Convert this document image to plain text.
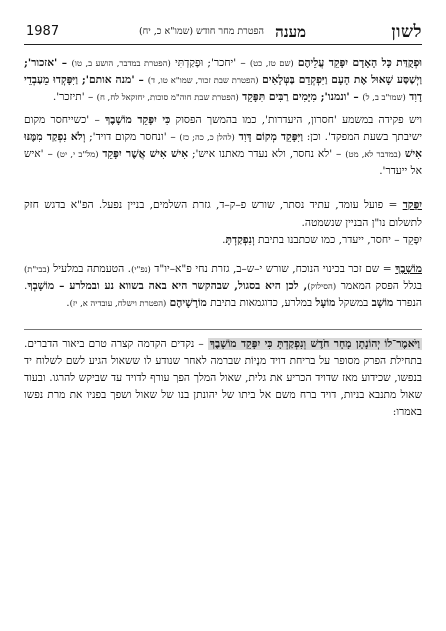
לשון
מענה
הפטרת מחר חודש (שמו"א כ, יח)
1987

וּפְקֻדַּת כָּל הָאָדָם יִפָּקֵד עֲלֵיהֶם (שם טז, כט) – 'יחכר'; וּפָקַדְתִּי (הפטרת במדבר, הושע ב, טו) – 'אזכור'; וַיְשַׁסַּע שָׁאוּל אֶת הָעָם וַיִּפְקְדֵם בַּטְּלָאִים (הפטרת שבת זכור, שמו"א טו, ד) – 'מנה אותם'; וַיִּפָּקְדוּ מֵעַבְדֵי דָוִד (שמו"ב ב, ל) – 'ונמנו'; מִיָּמִים רַבִּים תִּפָּקֵד (הפטרת שבת חוה"מ סוכות, יחזקאל לח, ח) – 'תיזכר'.

ויש פקידה במשמע 'חסרון, היעדרות', כמו בהמשך הפסוק כִּי יִפָּקֵד מוֹשָׁבֶךָ – 'כשייחסר מקום ישיבתך בשעת המפקד'. וכן: וַיִּפָּקֵד מְקוֹם דָּוִד (להלן כ, כה; כז) – 'ונחסר מקום דויד'; וְלֹא נִפְקַד מִמֶּנּוּ אִישׁ (במדבר לא, מט) – 'לא נחסר, ולא נעדר מאתנו איש'; אִישׁ אִישׁ אֲשֶׁר יִפָּקֵד (מל"ב י, יט) – 'איש אל ייעדר'.

יִפָּקֵד = פועל עומד, עתיד נסתר, שורש פ–ק–ד, גזרת השלמים, בניין נפעל. הפ"א בדגש חזק לתשלום נו"ן הבניין שנשמטה.
יִפָּקֵד – יחסר, ייעדר, כמו שכתבנו בתיבת וְנִפְקַדְתָּ.

מוֹשָׁבֶךָ = שם זכר בכינוי הנוכח, שורש י–ש–ב, גזרת נחי פ"א–יו"ד (נפ"י). הטעמתה במלעיל (בבי"ת) בגלל הפסק המאמר (הסילוק), לכן היא בסגול, שבהקשר היא באה בשווא נע ובמלרע – מוֹשָׁבְךָ. הנפרד מוֹשָׁב במשקל מוֹעָל במלרע, כדוגמאות בתיבת מוֹרָשָׁיהֶם (הפטרת וישלח, עובדיה א, יז).

וַיֹּאמֶר־לוֹ יְהוֹנָתָן מָחָר חֹדֶשׁ וְנִפְקַדְתָּ כִּי יִפָּקֵד מוֹשָׁבֶךָ – נקדים הקדמה קצרה טרם ביאור הדברים. בתחילת הפרק מסופר על בריחת דויד מנָיוֹת שברמה לאחר שנודע לו ששאול הגיע לשם לשלוח יד בנפשו, שכידוע מאז שדויד הכריע את גלית, שאול המלך הפך עורף לדויד עד שביקש להרגו. ובעוד שאול מתנבא בניות, דויד ברח משם אל ביתו של יהונתן בנו של שאול ושפך בפניו את מרת נפשו באמרו:
